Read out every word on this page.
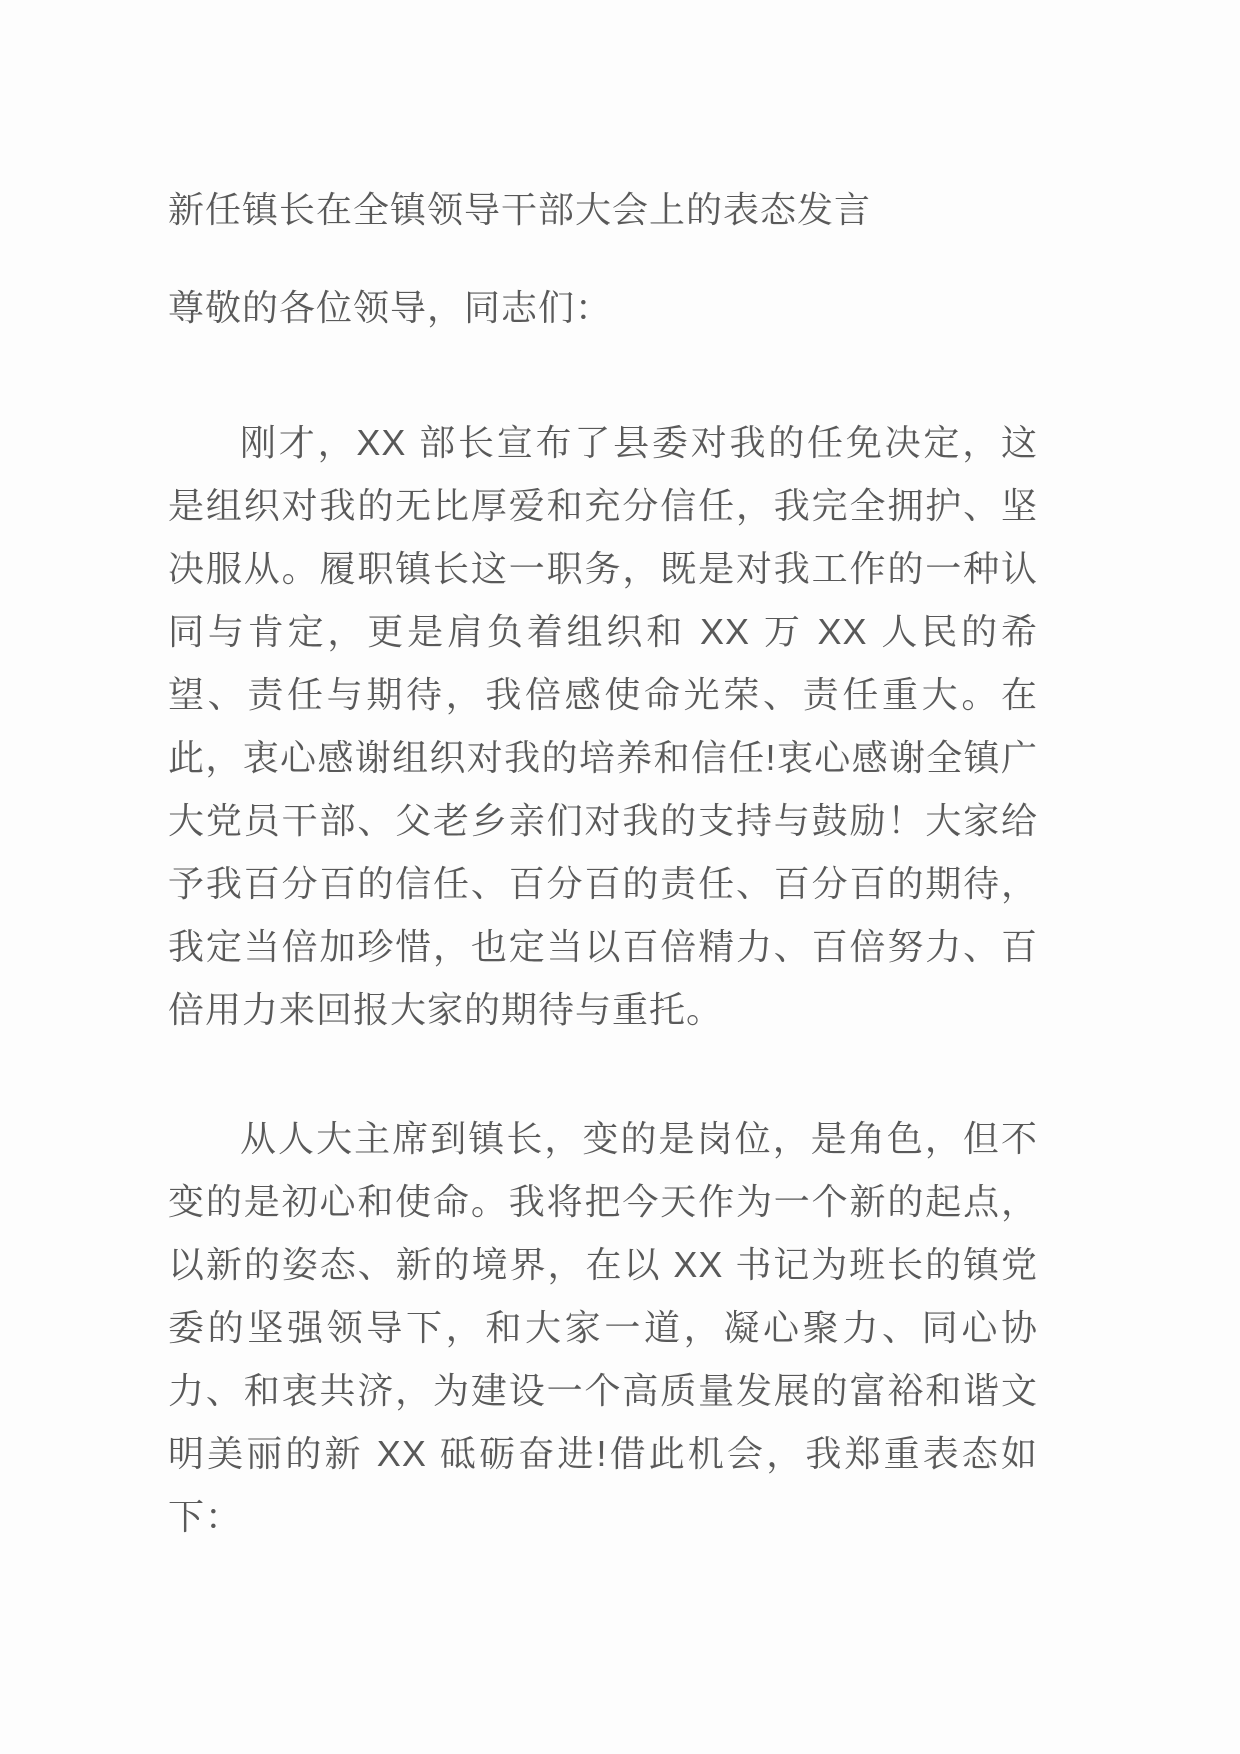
新任镇长在全镇领导干部大会上的表态发言

尊敬的各位领导，同志们：

刚才，XX 部长宣布了县委对我的任免决定，这是组织对我的无比厚爱和充分信任，我完全拥护、坚决服从。履职镇长这一职务，既是对我工作的一种认同与肯定，更是肩负着组织和 XX 万 XX 人民的希望、责任与期待，我倍感使命光荣、责任重大。在此，衷心感谢组织对我的培养和信任!衷心感谢全镇广大党员干部、父老乡亲们对我的支持与鼓励！大家给予我百分百的信任、百分百的责任、百分百的期待，我定当倍加珍惜，也定当以百倍精力、百倍努力、百倍用力来回报大家的期待与重托。

从人大主席到镇长，变的是岗位，是角色，但不变的是初心和使命。我将把今天作为一个新的起点，以新的姿态、新的境界，在以 XX 书记为班长的镇党委的坚强领导下，和大家一道，凝心聚力、同心协力、和衷共济，为建设一个高质量发展的富裕和谐文明美丽的新 XX 砥砺奋进!借此机会，我郑重表态如下：
